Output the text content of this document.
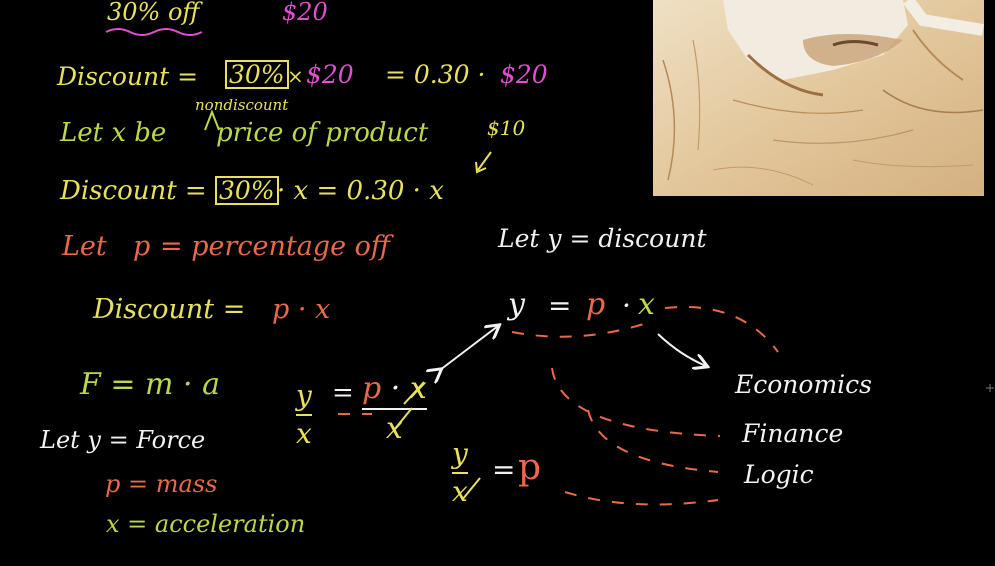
30% off	$20
Discount = 30% × $20 = 0.30 · $20
nondiscount
Let x be price of product	$10
Discount = 30% · x = 0.30 · x
Let p = percentage off
Discount = p · x
Let y = discount
y = p · x
F = m · a
Let y = Force
p = mass
x = acceleration
$\frac{y}{x} = \frac{p \cdot x}{x}$
$\frac{y}{x} = p$
Economics
Finance
Logic
